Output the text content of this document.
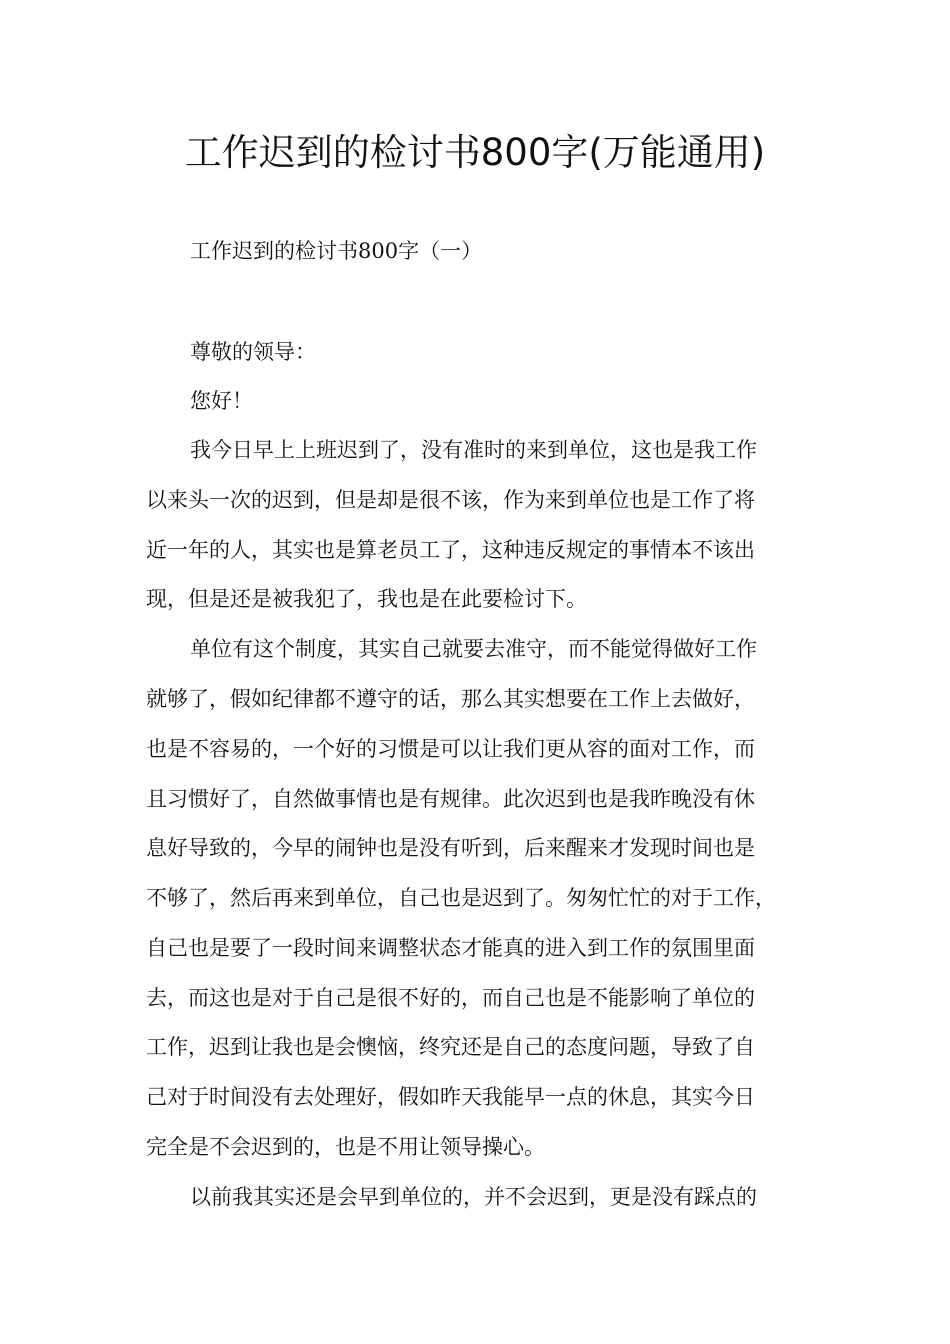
工作迟到的检讨书800字(万能通用)
工作迟到的检讨书800字（一）
尊敬的领导：
您好！
我今日早上上班迟到了，没有准时的来到单位，这也是我工作
以来头一次的迟到，但是却是很不该，作为来到单位也是工作了将
近一年的人，其实也是算老员工了，这种违反规定的事情本不该出
现，但是还是被我犯了，我也是在此要检讨下。
单位有这个制度，其实自己就要去准守，而不能觉得做好工作
就够了，假如纪律都不遵守的话，那么其实想要在工作上去做好，
也是不容易的，一个好的习惯是可以让我们更从容的面对工作，而
且习惯好了，自然做事情也是有规律。此次迟到也是我昨晚没有休
息好导致的，今早的闹钟也是没有听到，后来醒来才发现时间也是
不够了，然后再来到单位，自己也是迟到了。匆匆忙忙的对于工作，
自己也是要了一段时间来调整状态才能真的进入到工作的氛围里面
去，而这也是对于自己是很不好的，而自己也是不能影响了单位的
工作，迟到让我也是会懊恼，终究还是自己的态度问题，导致了自
己对于时间没有去处理好，假如昨天我能早一点的休息，其实今日
完全是不会迟到的，也是不用让领导操心。
以前我其实还是会早到单位的，并不会迟到，更是没有踩点的
